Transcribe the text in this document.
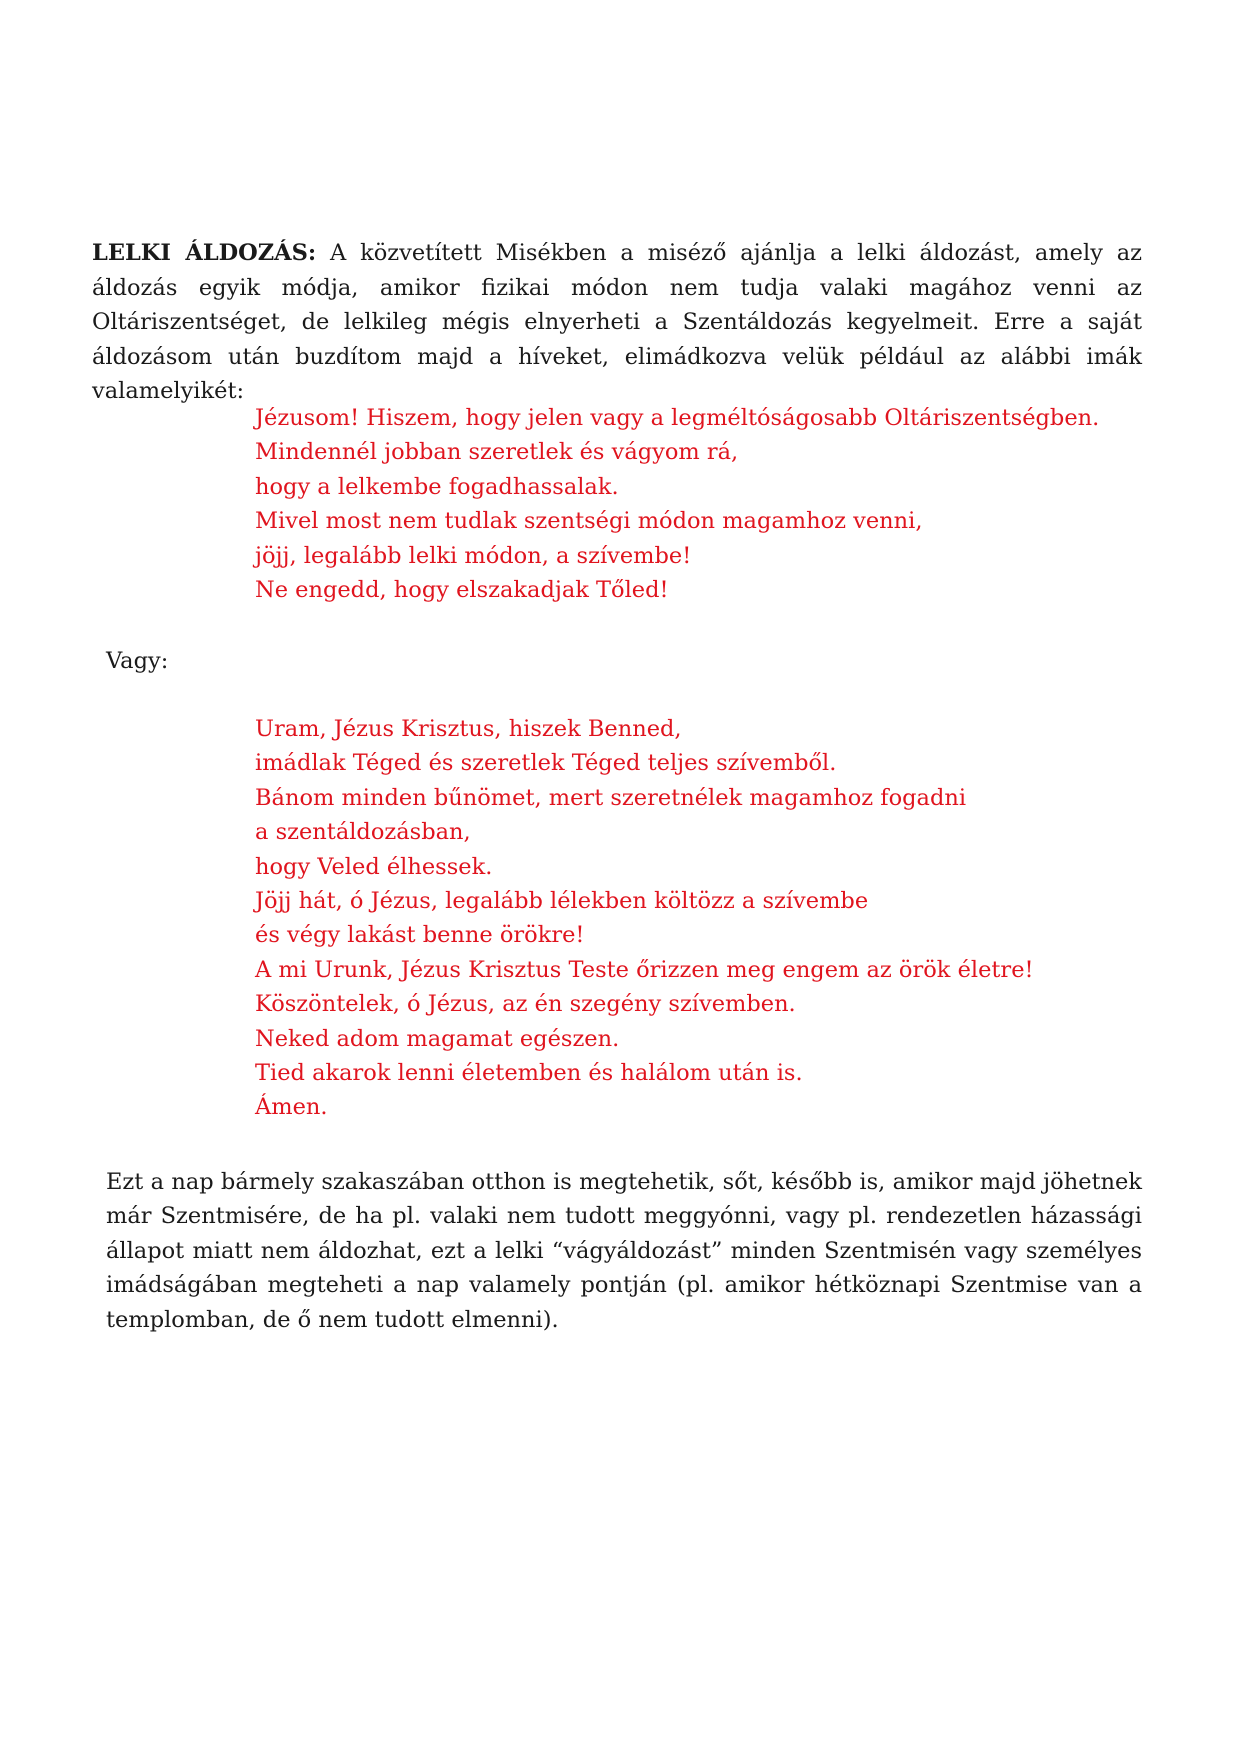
LELKI ÁLDOZÁS: A közvetített Misékben a miséző ajánlja a lelki áldozást, amely az áldozás egyik módja, amikor fizikai módon nem tudja valaki magához venni az Oltáriszentséget, de lelkileg mégis elnyerheti a Szentáldozás kegyelmeit. Erre a saját áldozásom után buzdítom majd a híveket, elimádkozva velük például az alábbi imák valamelyikét:

Jézusom! Hiszem, hogy jelen vagy a legméltóságosabb Oltáriszentségben.
Mindennél jobban szeretlek és vágyom rá,
hogy a lelkembe fogadhassalak.
Mivel most nem tudlak szentségi módon magamhoz venni,
jöjj, legalább lelki módon, a szívembe!
Ne engedd, hogy elszakadjak Tőled!

Vagy:

Uram, Jézus Krisztus, hiszek Benned,
imádlak Téged és szeretlek Téged teljes szívemből.
Bánom minden bűnömet, mert szeretnélek magamhoz fogadni
a szentáldozásban,
hogy Veled élhessek.
Jöjj hát, ó Jézus, legalább lélekben költözz a szívembe
és végy lakást benne örökre!
A mi Urunk, Jézus Krisztus Teste őrizzen meg engem az örök életre!
Köszöntelek, ó Jézus, az én szegény szívemben.
Neked adom magamat egészen.
Tied akarok lenni életemben és halálom után is.
Ámen.

Ezt a nap bármely szakaszában otthon is megtehetik, sőt, később is, amikor majd jöhetnek már Szentmisére, de ha pl. valaki nem tudott meggyónni, vagy pl. rendezetlen házassági állapot miatt nem áldozhat, ezt a lelki “vágyáldozást” minden Szentmisén vagy személyes imádságában megteheti a nap valamely pontján (pl. amikor hétköznapi Szentmise van a templomban, de ő nem tudott elmenni).
